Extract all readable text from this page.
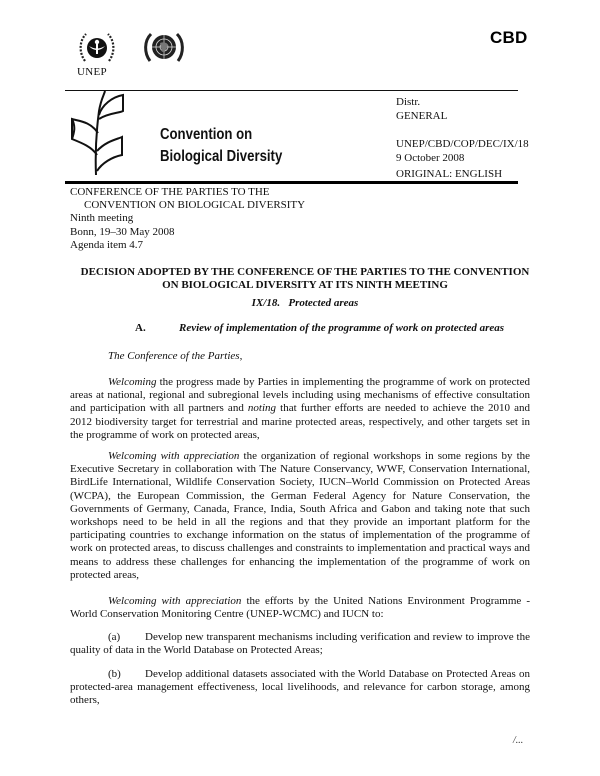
CBD
UNEP
Convention on
Biological Diversity
Distr.
GENERAL
UNEP/CBD/COP/DEC/IX/18
9 October 2008
ORIGINAL: ENGLISH
CONFERENCE OF THE PARTIES TO THE
CONVENTION ON BIOLOGICAL DIVERSITY
Ninth meeting
Bonn, 19–30 May 2008
Agenda item 4.7
DECISION ADOPTED BY THE CONFERENCE OF THE PARTIES TO THE CONVENTION
ON BIOLOGICAL DIVERSITY AT ITS NINTH MEETING
IX/18.   Protected areas
A.	Review of implementation of the programme of work on protected areas
The Conference of the Parties,
Welcoming the progress made by Parties in implementing the programme of work on protected areas at national, regional and subregional levels including using mechanisms of effective consultation and participation with all partners and noting that further efforts are needed to achieve the 2010 and 2012 biodiversity target for terrestrial and marine protected areas, respectively, and other targets set in the programme of work on protected areas,
Welcoming with appreciation the organization of regional workshops in some regions by the Executive Secretary in collaboration with The Nature Conservancy, WWF, Conservation International, BirdLife International, Wildlife Conservation Society, IUCN–World Commission on Protected Areas (WCPA), the European Commission, the German Federal Agency for Nature Conservation, the Governments of Germany, Canada, France, India, South Africa and Gabon and taking note that such workshops need to be held in all the regions and that they provide an important platform for the participating countries to exchange information on the status of implementation of the programme of work on protected areas, to discuss challenges and constraints to implementation and practical ways and means to address these challenges for enhancing the implementation of the programme of work on protected areas,
Welcoming with appreciation the efforts by the United Nations Environment Programme - World Conservation Monitoring Centre (UNEP-WCMC) and IUCN to:
(a) Develop new transparent mechanisms including verification and review to improve the quality of data in the World Database on Protected Areas;
(b) Develop additional datasets associated with the World Database on Protected Areas on protected-area management effectiveness, local livelihoods, and relevance for carbon storage, among others,
/...
